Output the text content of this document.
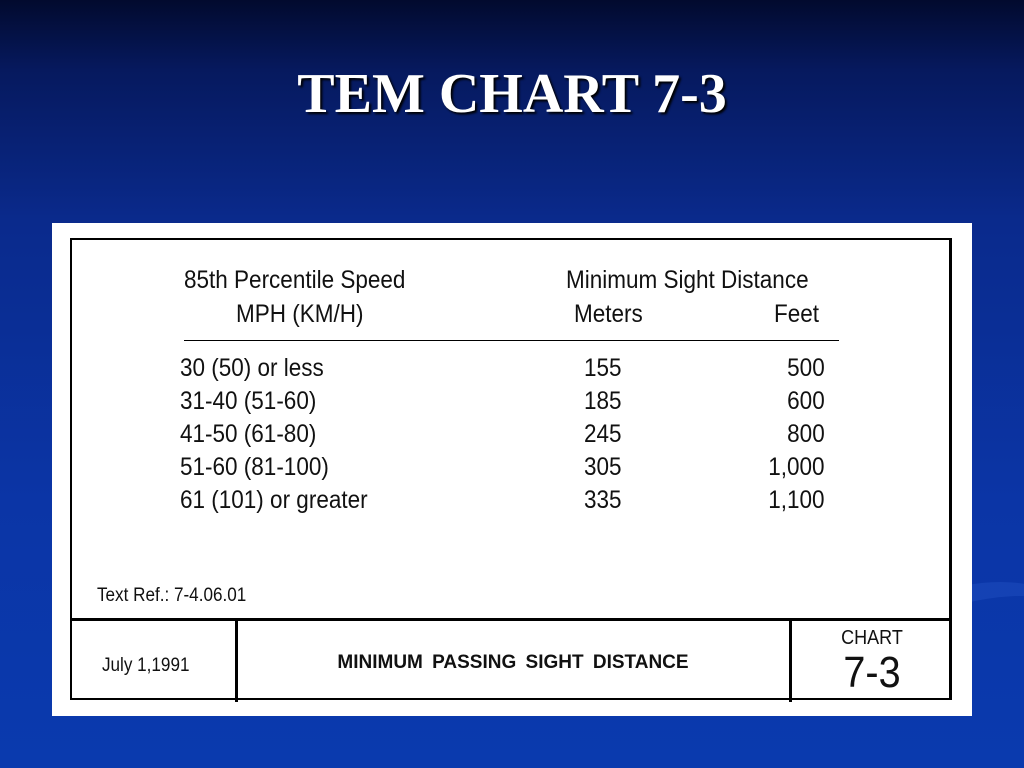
TEM CHART 7-3
85th Percentile Speed
MPH (KM/H)
Minimum Sight Distance
Meters	Feet
30 (50) or less	155	500
31-40 (51-60)	185	600
41-50 (61-80)	245	800
51-60 (81-100)	305	1,000
61 (101) or greater	335	1,100
Text Ref.: 7-4.06.01
July 1,1991	MINIMUM PASSING SIGHT DISTANCE
CHART
7-3
